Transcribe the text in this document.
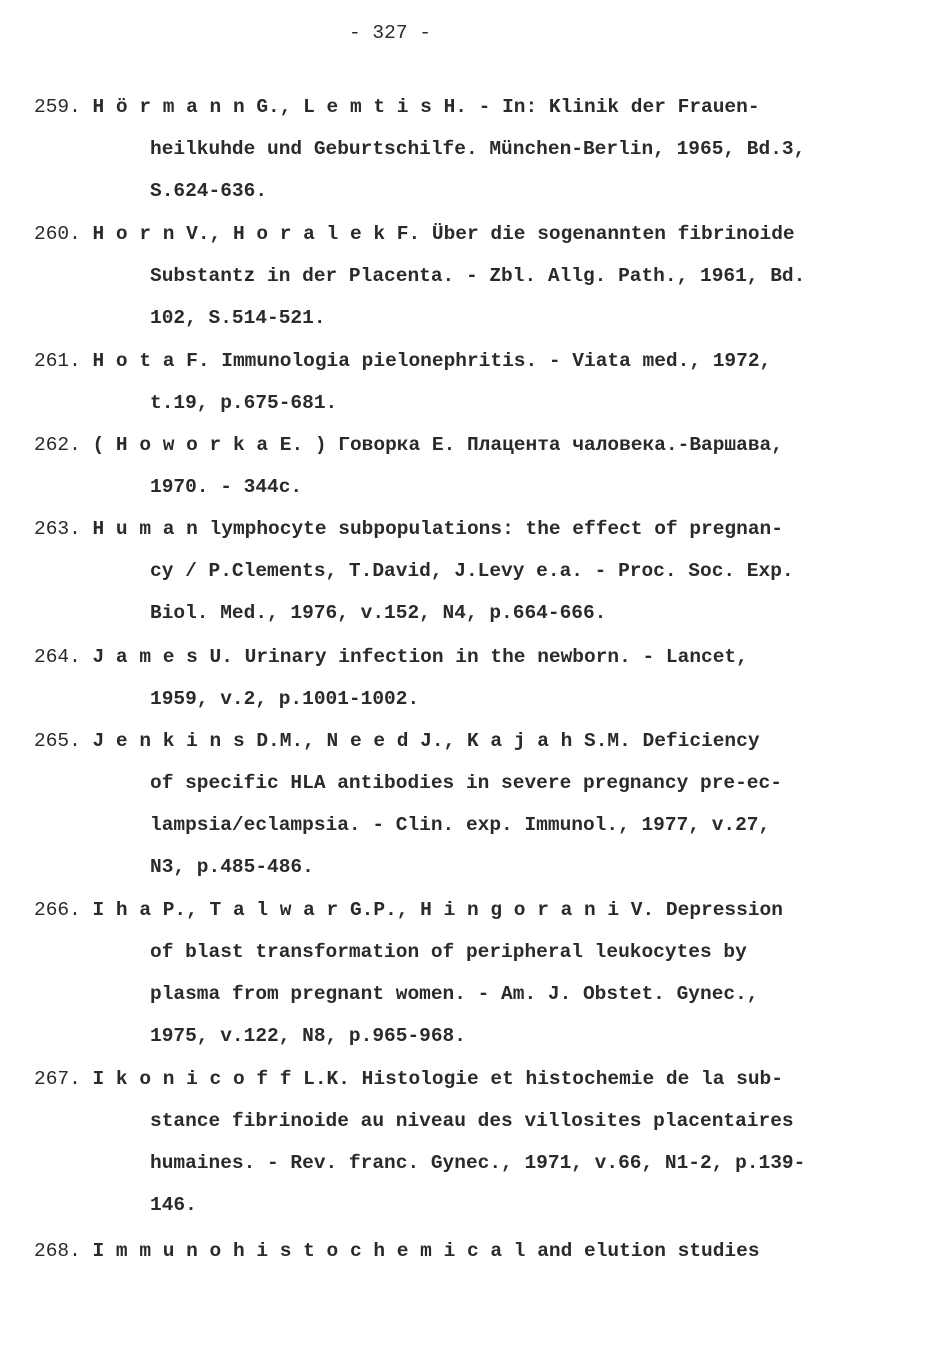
- 327 -
259. H ö r m a n n G., L e m t i s H. - In: Klinik der Frauen-
heilkuhde und Geburtschilfe. München-Berlin, 1965, Bd.3,
S.624-636.
260. H o r n V., H o r a l e k F. Über die sogenannten fibrinoide
Substantz in der Placenta. - Zbl. Allg. Path., 1961, Bd.
102, S.514-521.
261. H o t a F. Immunologia pielonephritis. - Viata med., 1972,
t.19, p.675-681.
262. ( H o w o r k a E. ) Говорка Е. Плацента чаловека.-Варшава,
1970. - 344с.
263. H u m a n lymphocyte subpopulations: the effect of pregnan-
cy / P.Clements, T.David, J.Levy e.a. - Proc. Soc. Exp.
Biol. Med., 1976, v.152, N4, p.664-666.
264. J a m e s U. Urinary infection in the newborn. - Lancet,
1959, v.2, p.1001-1002.
265. J e n k i n s D.M., N e e d J., K a j a h S.M. Deficiency
of specific HLA antibodies in severe pregnancy pre-ec-
lampsia/eclampsia. - Clin. exp. Immunol., 1977, v.27,
N3, p.485-486.
266. I h a P., T a l w a r G.P., H i n g o r a n i V. Depression
of blast transformation of peripheral leukocytes by
plasma from pregnant women. - Am. J. Obstet. Gynec.,
1975, v.122, N8, p.965-968.
267. I k o n i c o f f L.K. Histologie et histochemie de la sub-
stance fibrinoide au niveau des villosites placentaires
humaines. - Rev. franc. Gynec., 1971, v.66, N1-2, p.139-
146.
268. I m m u n o h i s t o c h e m i c a l and elution studies
